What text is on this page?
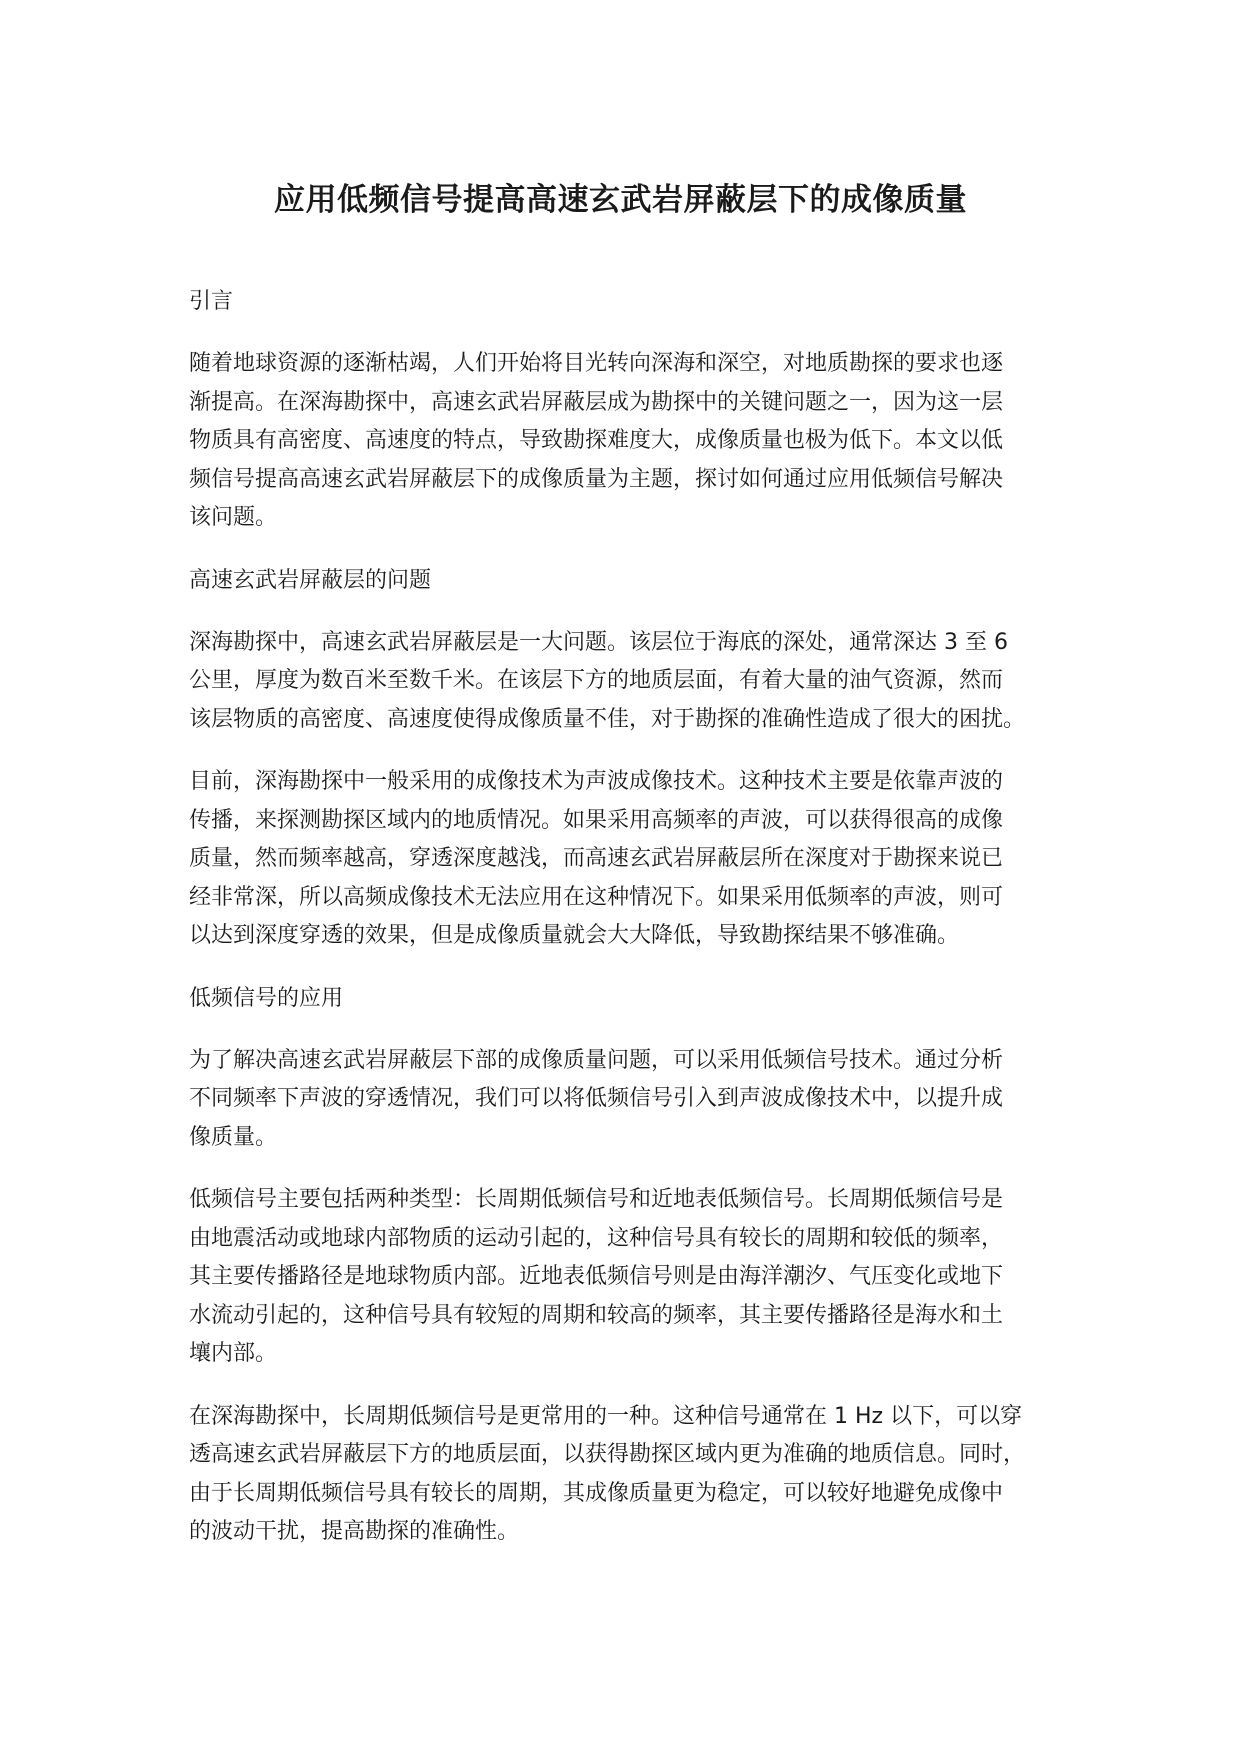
应用低频信号提高高速玄武岩屏蔽层下的成像质量
引言

随着地球资源的逐渐枯竭，人们开始将目光转向深海和深空，对地质勘探的要求也逐
渐提高。在深海勘探中，高速玄武岩屏蔽层成为勘探中的关键问题之一，因为这一层
物质具有高密度、高速度的特点，导致勘探难度大，成像质量也极为低下。本文以低
频信号提高高速玄武岩屏蔽层下的成像质量为主题，探讨如何通过应用低频信号解决
该问题。

高速玄武岩屏蔽层的问题

深海勘探中，高速玄武岩屏蔽层是一大问题。该层位于海底的深处，通常深达 3 至 6
公里，厚度为数百米至数千米。在该层下方的地质层面，有着大量的油气资源，然而
该层物质的高密度、高速度使得成像质量不佳，对于勘探的准确性造成了很大的困扰。

目前，深海勘探中一般采用的成像技术为声波成像技术。这种技术主要是依靠声波的
传播，来探测勘探区域内的地质情况。如果采用高频率的声波，可以获得很高的成像
质量，然而频率越高，穿透深度越浅，而高速玄武岩屏蔽层所在深度对于勘探来说已
经非常深，所以高频成像技术无法应用在这种情况下。如果采用低频率的声波，则可
以达到深度穿透的效果，但是成像质量就会大大降低，导致勘探结果不够准确。

低频信号的应用

为了解决高速玄武岩屏蔽层下部的成像质量问题，可以采用低频信号技术。通过分析
不同频率下声波的穿透情况，我们可以将低频信号引入到声波成像技术中，以提升成
像质量。

低频信号主要包括两种类型：长周期低频信号和近地表低频信号。长周期低频信号是
由地震活动或地球内部物质的运动引起的，这种信号具有较长的周期和较低的频率，
其主要传播路径是地球物质内部。近地表低频信号则是由海洋潮汐、气压变化或地下
水流动引起的，这种信号具有较短的周期和较高的频率，其主要传播路径是海水和土
壤内部。

在深海勘探中，长周期低频信号是更常用的一种。这种信号通常在 1 Hz 以下，可以穿
透高速玄武岩屏蔽层下方的地质层面，以获得勘探区域内更为准确的地质信息。同时，
由于长周期低频信号具有较长的周期，其成像质量更为稳定，可以较好地避免成像中
的波动干扰，提高勘探的准确性。
